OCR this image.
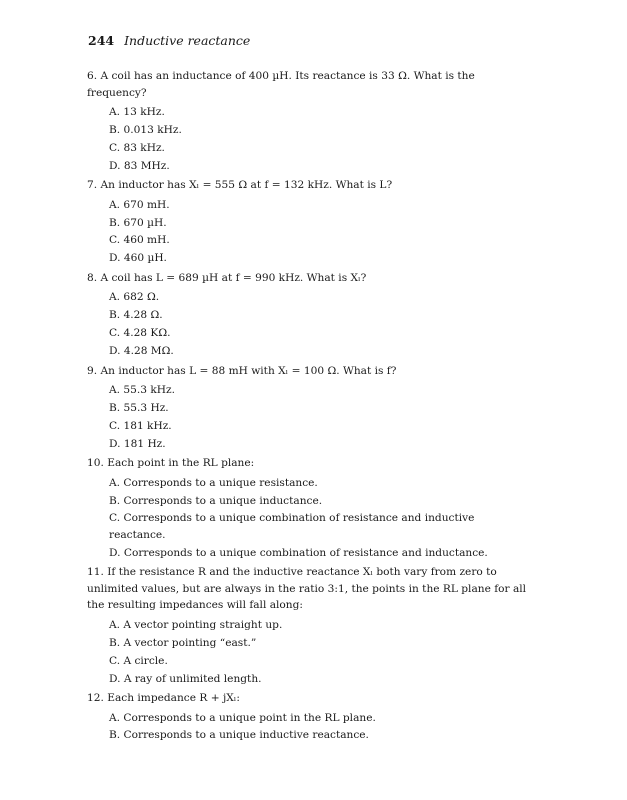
244 Inductive reactance
6. A coil has an inductance of 400 µH. Its reactance is 33 Ω. What is the frequency?
A. 13 kHz.
B. 0.013 kHz.
C. 83 kHz.
D. 83 MHz.
7. An inductor has Xₗ = 555 Ω at f = 132 kHz. What is L?
A. 670 mH.
B. 670 µH.
C. 460 mH.
D. 460 µH.
8. A coil has L = 689 µH at f = 990 kHz. What is Xₗ?
A. 682 Ω.
B. 4.28 Ω.
C. 4.28 KΩ.
D. 4.28 MΩ.
9. An inductor has L = 88 mH with Xₗ = 100 Ω. What is f?
A. 55.3 kHz.
B. 55.3 Hz.
C. 181 kHz.
D. 181 Hz.
10. Each point in the RL plane:
A. Corresponds to a unique resistance.
B. Corresponds to a unique inductance.
C. Corresponds to a unique combination of resistance and inductive reactance.
D. Corresponds to a unique combination of resistance and inductance.
11. If the resistance R and the inductive reactance Xₗ both vary from zero to unlimited values, but are always in the ratio 3:1, the points in the RL plane for all the resulting impedances will fall along:
A. A vector pointing straight up.
B. A vector pointing “east.”
C. A circle.
D. A ray of unlimited length.
12. Each impedance R + jXₗ:
A. Corresponds to a unique point in the RL plane.
B. Corresponds to a unique inductive reactance.
